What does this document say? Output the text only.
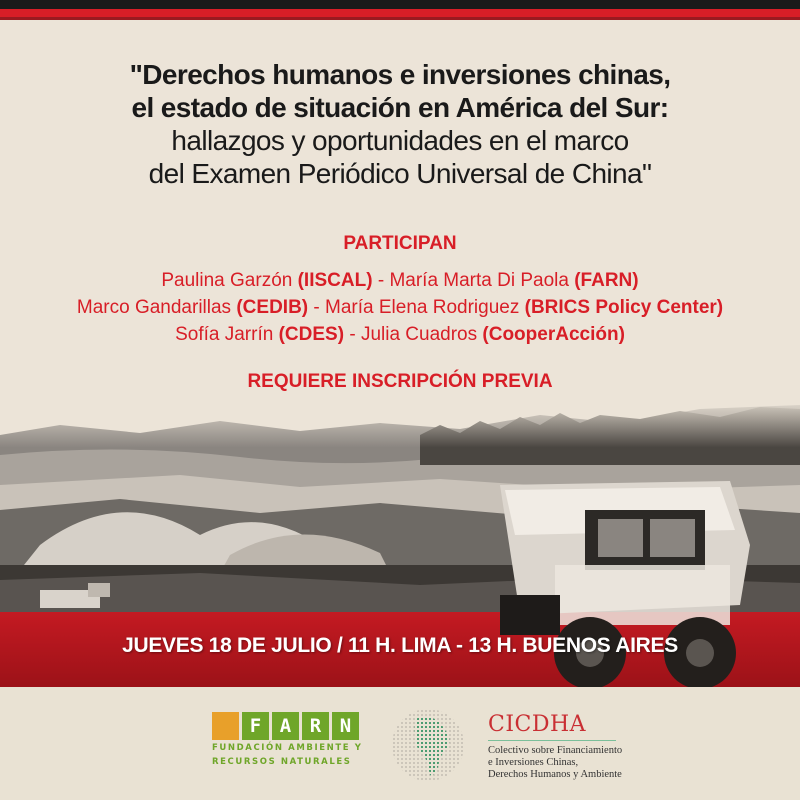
"Derechos humanos e inversiones chinas,
el estado de situación en América del Sur:
hallazgos y oportunidades en el marco
del Examen Periódico Universal de China"
PARTICIPAN
Paulina Garzón (IISCAL) - María Marta Di Paola (FARN)
Marco Gandarillas (CEDIB) - María Elena Rodriguez (BRICS Policy Center)
Sofía Jarrín (CDES) - Julia Cuadros (CooperAcción)
REQUIERE INSCRIPCIÓN PREVIA
JUEVES 18 DE JULIO / 11 H. LIMA - 13 H. BUENOS AIRES
F A R N
FUNDACIÓN AMBIENTE Y
RECURSOS NATURALES
CICDHA
Colectivo sobre Financiamiento
e Inversiones Chinas,
Derechos Humanos y Ambiente
